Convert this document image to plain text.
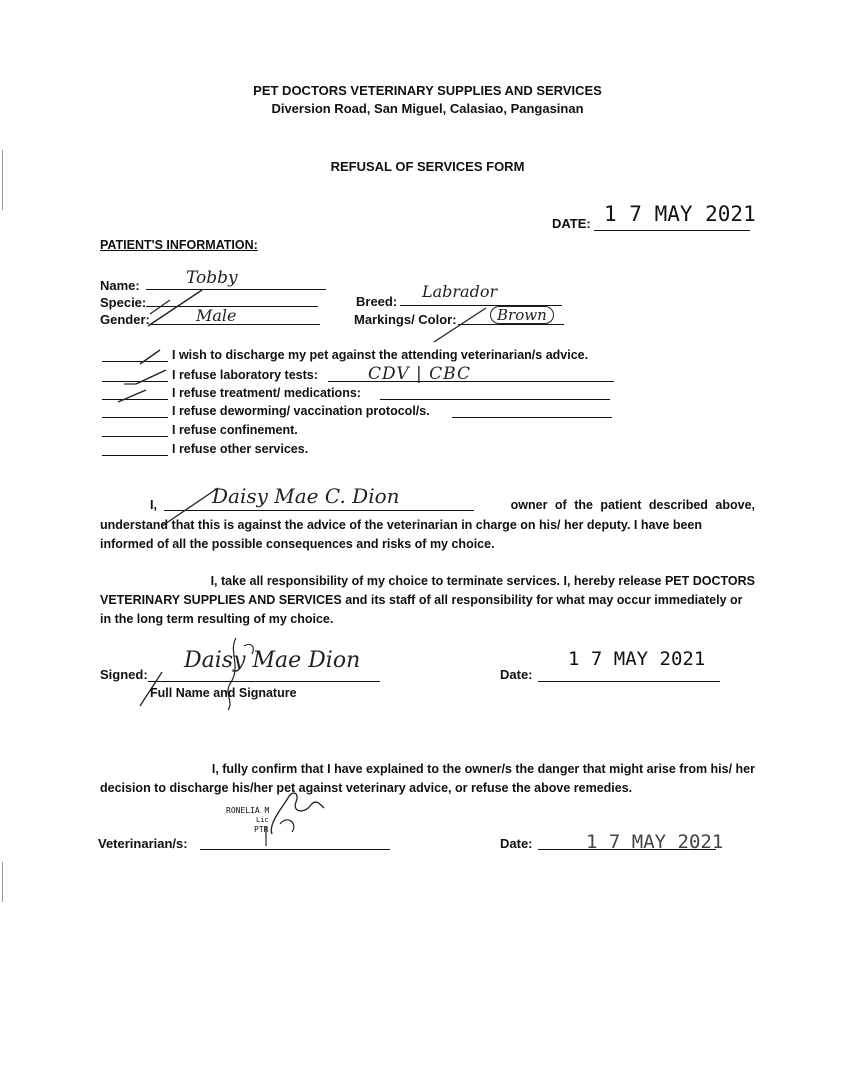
PET DOCTORS VETERINARY SUPPLIES AND SERVICES
Diversion Road, San Miguel, Calasiao, Pangasinan
REFUSAL OF SERVICES FORM
DATE: 1 7 MAY 2021
PATIENT'S INFORMATION:
Name:	Tobby
Specie:
Gender:	Male
Breed:
Labrador
Markings/ Color:	Brown
I wish to discharge my pet against the attending veterinarian/s advice.
I refuse laboratory tests:	CDV | CBC
I refuse treatment/ medications:
I refuse deworming/ vaccination protocol/s.
I refuse confinement.
I refuse other services.
I,	Daisy Mae C. Dion	owner of the patient described above,
understand that this is against the advice of the veterinarian in charge on his/ her deputy. I have been
informed of all the possible consequences and risks of my choice.
I, take all responsibility of my choice to terminate services. I, hereby release PET DOCTORS
VETERINARY SUPPLIES AND SERVICES and its staff of all responsibility for what may occur immediately or
in the long term resulting of my choice.
Signed:
Daisy Mae Dion
Full Name and Signature
Date:
1 7 MAY 2021
I, fully confirm that I have explained to the owner/s the danger that might arise from his/ her
decision to discharge his/her pet against veterinary advice, or refuse the above remedies.
RONELIA M
Lic
PTR
Veterinarian/s:	Date:	1 7 MAY 2021
